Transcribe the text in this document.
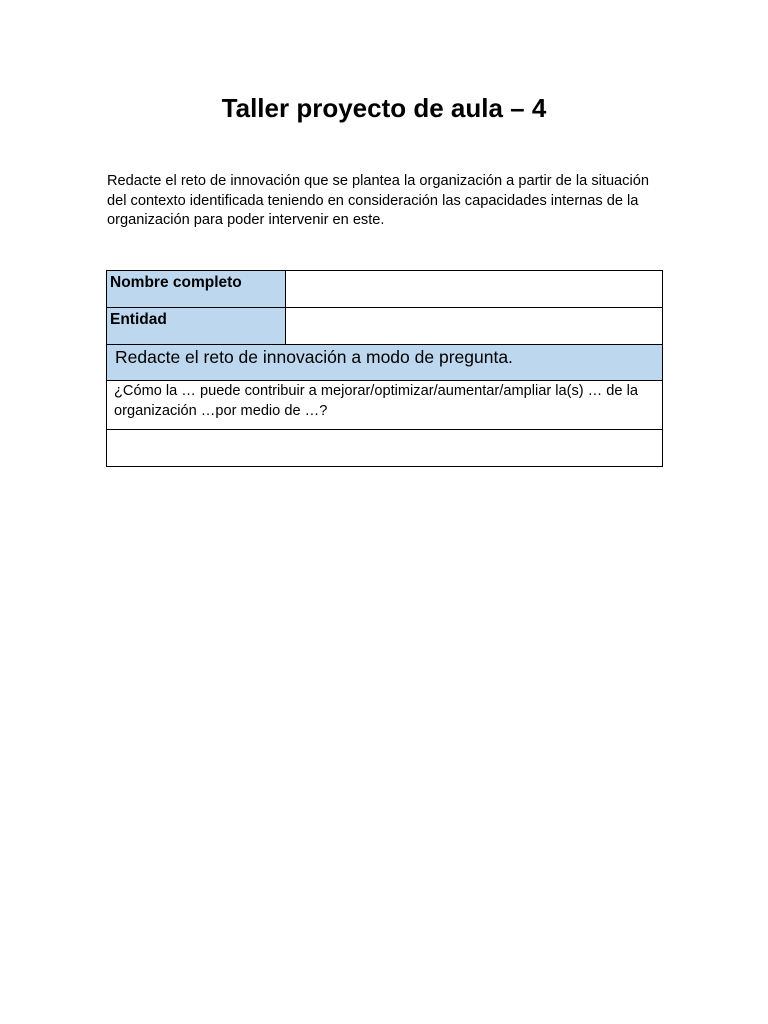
Taller proyecto de aula – 4
Redacte el reto de innovación que se plantea la organización a partir de la situación del contexto identificada teniendo en consideración las capacidades internas de la organización para poder intervenir en este.
Nombre completo	
Entidad	
Redacte el reto de innovación a modo de pregunta.	
¿Cómo la … puede contribuir a mejorar/optimizar/aumentar/ampliar la(s) … de la organización …por medio de …?	
